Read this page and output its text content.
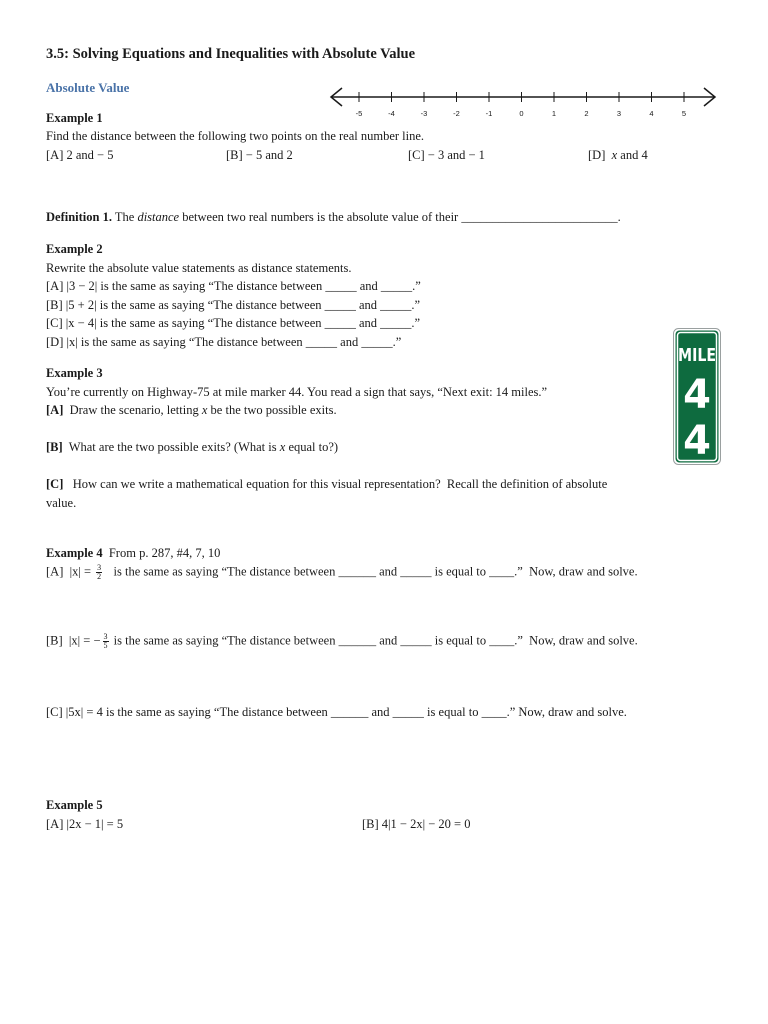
3.5: Solving Equations and Inequalities with Absolute Value
Absolute Value
-5	-4	-3	-2	-1	0	1	2	3	4	5
Example 1
Find the distance between the following two points on the real number line.
[A] 2 and − 5	[B] − 5 and 2	[C] − 3 and − 1	[D]  x and 4
Definition 1. The distance between two real numbers is the absolute value of their _________________________.
Example 2
Rewrite the absolute value statements as distance statements.
[A] |3 − 2| is the same as saying “The distance between _____ and _____.”
[B] |5 + 2| is the same as saying “The distance between _____ and _____.”
[C] |x − 4| is the same as saying “The distance between _____ and _____.”
[D] |x| is the same as saying “The distance between _____ and _____.”
Example 3
You’re currently on Highway-75 at mile marker 44. You read a sign that says, “Next exit: 14 miles.”
[A]  Draw the scenario, letting x be the two possible exits.
[B]  What are the two possible exits? (What is x equal to?)
[C]   How can we write a mathematical equation for this visual representation?  Recall the definition of absolute
value.
MILE
4
4
Example 4  From p. 287, #4, 7, 10
[A]  $|x| = \frac{3}{2}$ is the same as saying “The distance between ______ and _____ is equal to ____.”  Now, draw and solve.
[B]  |x| = − $\frac{3}{5}$ is the same as saying “The distance between ______ and _____ is equal to ____.”  Now, draw and solve.
[C] |5x| = 4 is the same as saying “The distance between ______ and _____ is equal to ____.” Now, draw and solve.
Example 5
[A] |2x − 1| = 5	[B] 4|1 − 2x| − 20 = 0
